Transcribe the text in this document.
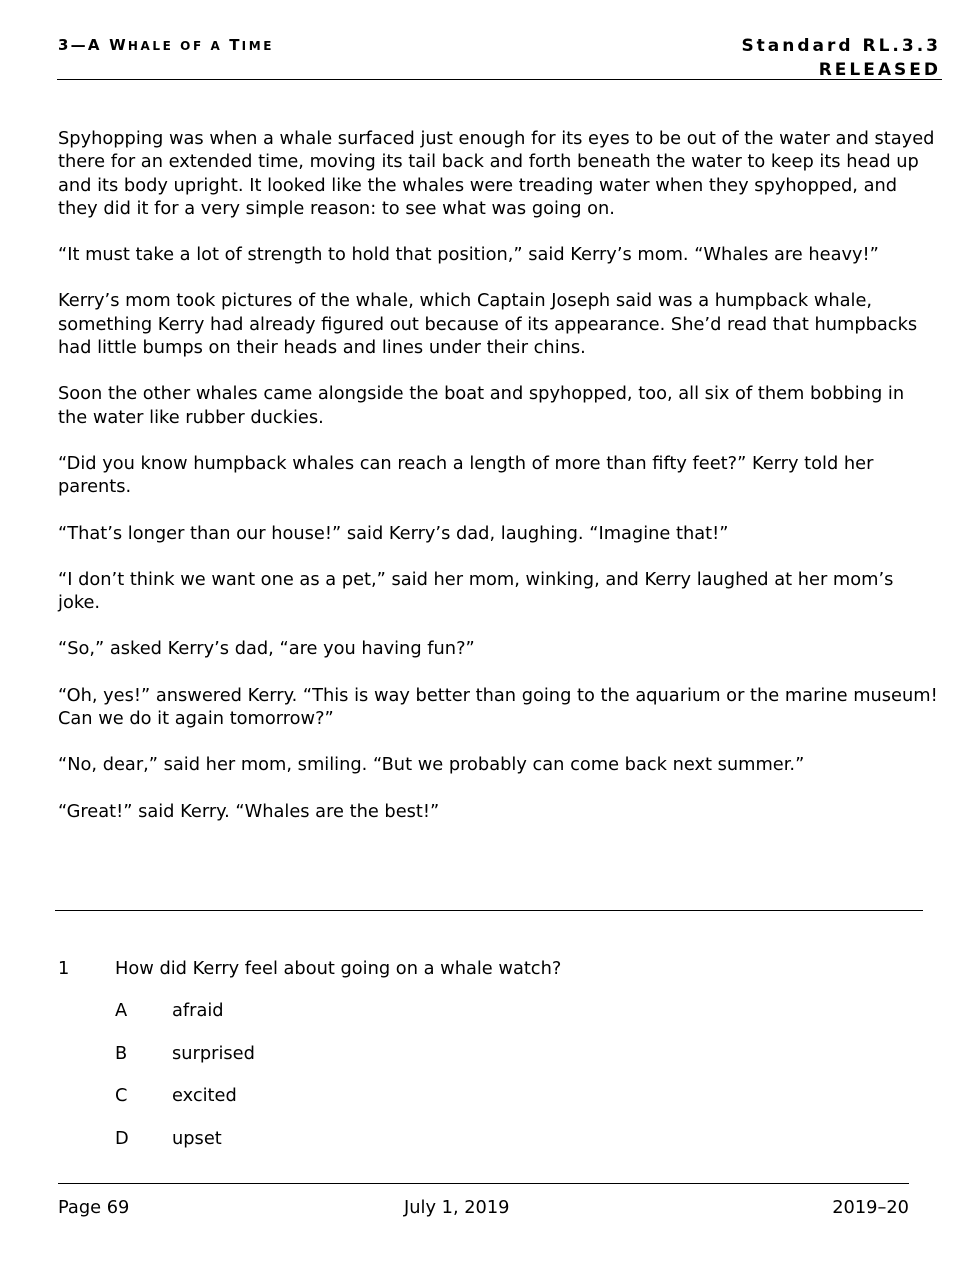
3—A WHALE OF A TIME	Standard RL.3.3
RELEASED

Spyhopping was when a whale surfaced just enough for its eyes to be out of the water and stayed there for an extended time, moving its tail back and forth beneath the water to keep its head up and its body upright. It looked like the whales were treading water when they spyhopped, and they did it for a very simple reason: to see what was going on.

“It must take a lot of strength to hold that position,” said Kerry’s mom. “Whales are heavy!”

Kerry’s mom took pictures of the whale, which Captain Joseph said was a humpback whale, something Kerry had already figured out because of its appearance. She’d read that humpbacks had little bumps on their heads and lines under their chins.

Soon the other whales came alongside the boat and spyhopped, too, all six of them bobbing in the water like rubber duckies.

“Did you know humpback whales can reach a length of more than fifty feet?” Kerry told her parents.

“That’s longer than our house!” said Kerry’s dad, laughing. “Imagine that!”

“I don’t think we want one as a pet,” said her mom, winking, and Kerry laughed at her mom’s joke.

“So,” asked Kerry’s dad, “are you having fun?”

“Oh, yes!” answered Kerry. “This is way better than going to the aquarium or the marine museum! Can we do it again tomorrow?”

“No, dear,” said her mom, smiling. “But we probably can come back next summer.”

“Great!” said Kerry. “Whales are the best!”

1	How did Kerry feel about going on a whale watch?
A	afraid
B	surprised
C	excited
D upset
Page 69	July 1, 2019	2019–20
